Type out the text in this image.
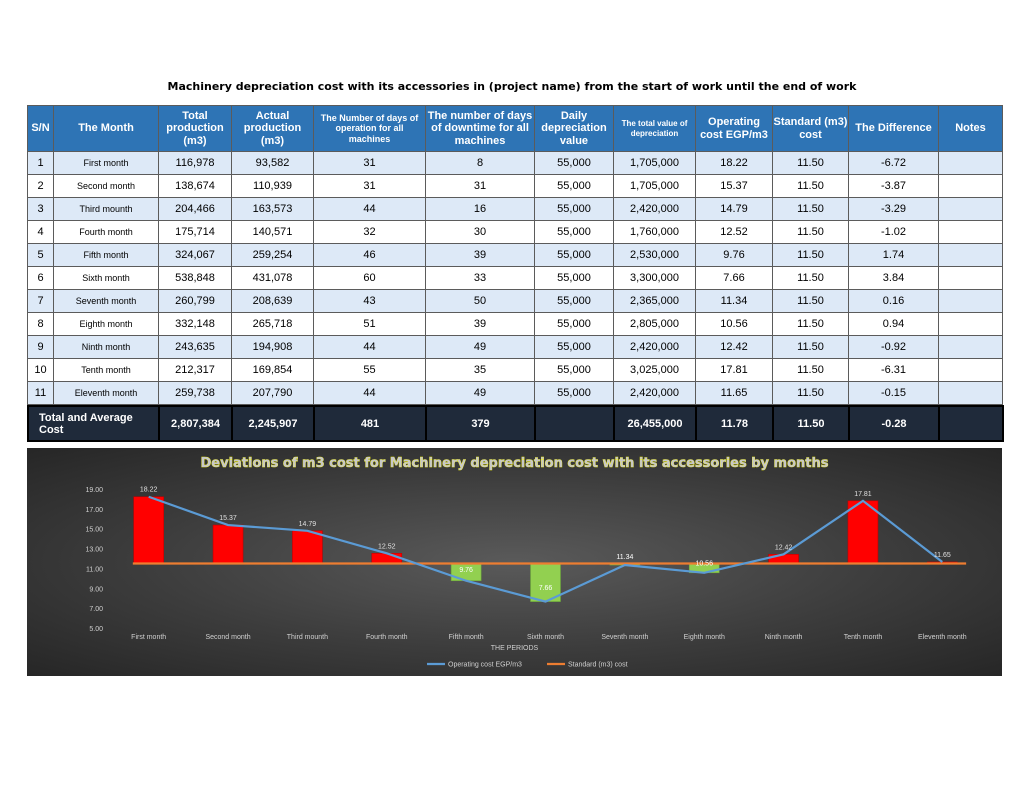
Machinery depreciation cost with its accessories in (project name) from the start of work until the end of work
S/N	The Month	Total production (m3)	Actual production (m3)	The Number of days of operation for all machines	The number of days of downtime for all machines	Daily depreciation value	The total value of depreciation	Operating cost EGP/m3	Standard (m3) cost	The Difference	Notes
1	First month	116,978	93,582	31	8	55,000	1,705,000	18.22	11.50	-6.72	
2	Second month	138,674	110,939	31	31	55,000	1,705,000	15.37	11.50	-3.87	
3	Third mounth	204,466	163,573	44	16	55,000	2,420,000	14.79	11.50	-3.29	
4	Fourth month	175,714	140,571	32	30	55,000	1,760,000	12.52	11.50	-1.02	
5	Fifth month	324,067	259,254	46	39	55,000	2,530,000	9.76	11.50	1.74	
6	Sixth month	538,848	431,078	60	33	55,000	3,300,000	7.66	11.50	3.84	
7	Seventh month	260,799	208,639	43	50	55,000	2,365,000	11.34	11.50	0.16	
8	Eighth month	332,148	265,718	51	39	55,000	2,805,000	10.56	11.50	0.94	
9	Ninth month	243,635	194,908	44	49	55,000	2,420,000	12.42	11.50	-0.92	
10	Tenth month	212,317	169,854	55	35	55,000	3,025,000	17.81	11.50	-6.31	
11	Eleventh month	259,738	207,790	44	49	55,000	2,420,000	11.65	11.50	-0.15	
Total and Average Cost	2,807,384	2,245,907	481	379		26,455,000	11.78	11.50	-0.28	
Deviations of m3 cost for Machinery depreciation cost with its accessories by months
5.00
7.00
9.00
11.00
13.00
15.00
17.00
19.00	18.22
15.37
14.79
12.52
9.76
7.66
11.34
10.56
12.42
17.81
11.65
First month	Second month	Third mounth	Fourth month	Fifth month	Sixth month	Seventh month	Eighth month	Ninth month	Tenth month	Eleventh month
THE PERIODS
Operating cost EGP/m3	Standard (m3) cost
